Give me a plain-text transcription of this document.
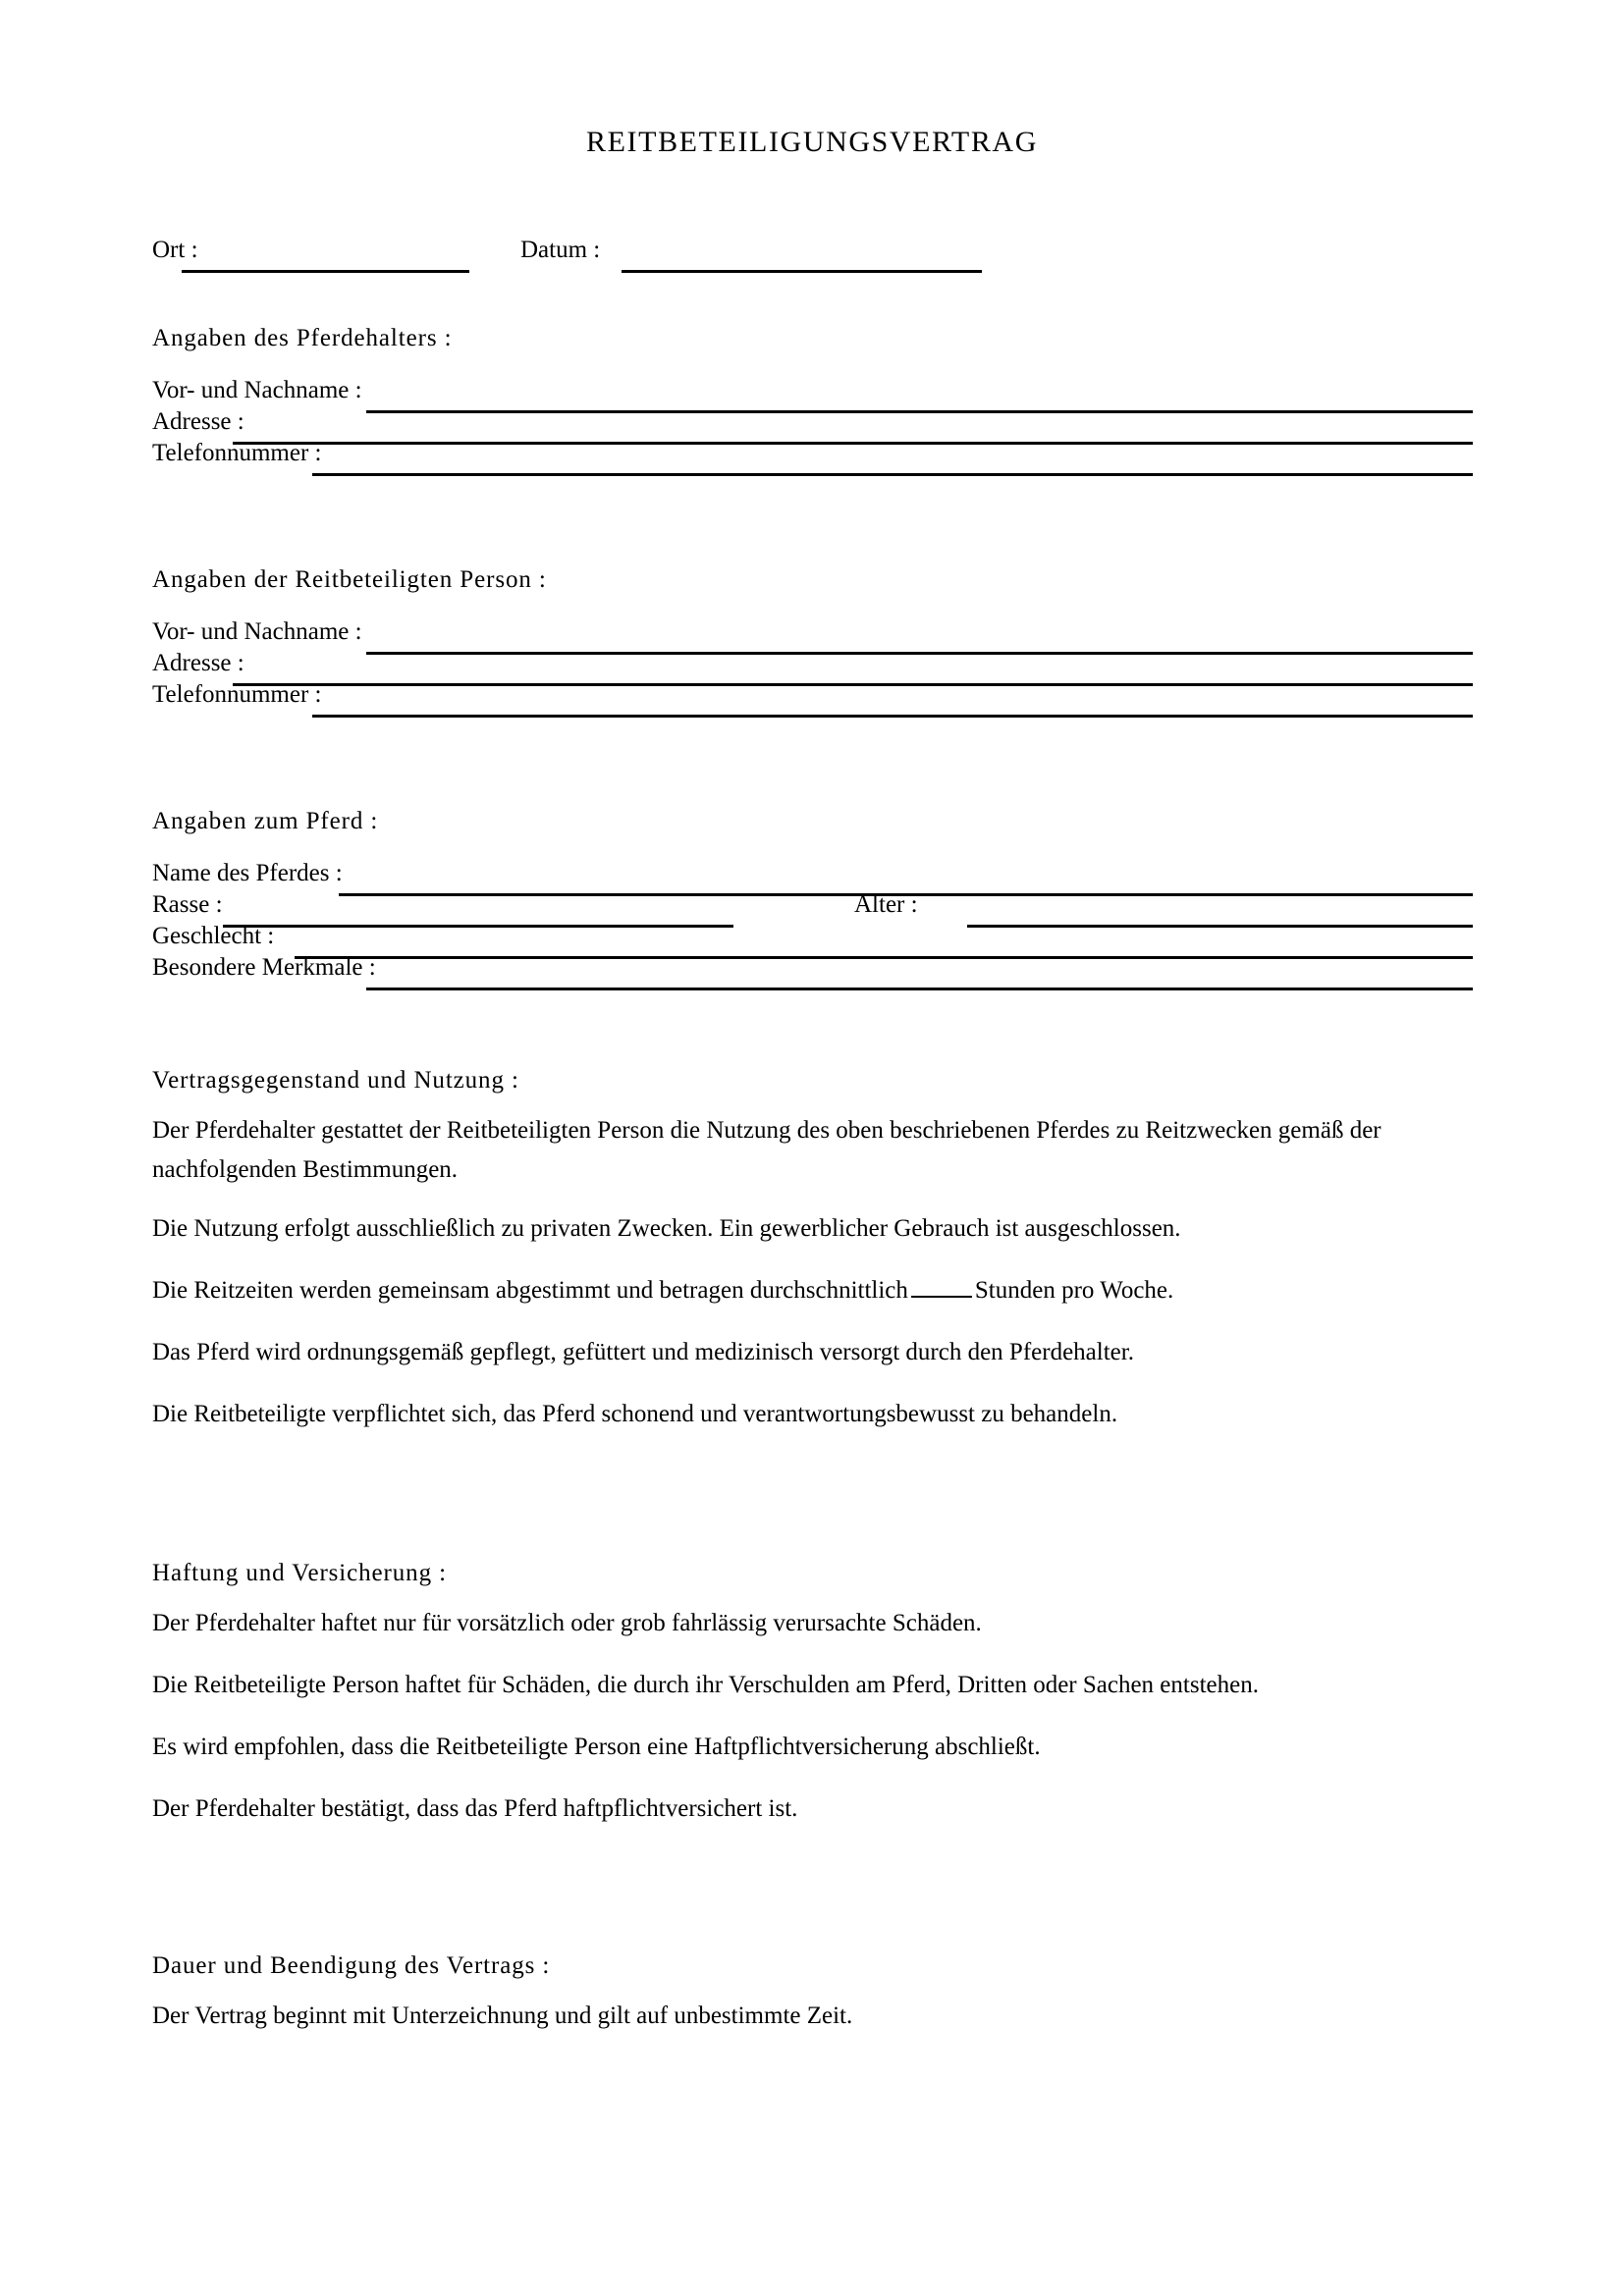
REITBETEILIGUNGSVERTRAG
Ort :	Datum :
Angaben des Pferdehalters :
Vor- und Nachname :
Adresse :
Telefonnummer :
Angaben der Reitbeteiligten Person :
Vor- und Nachname :
Adresse :
Telefonnummer :
Angaben zum Pferd :
Name des Pferdes :
Rasse :	Alter :
Geschlecht :
Besondere Merkmale :
Vertragsgegenstand und Nutzung :
Der Pferdehalter gestattet der Reitbeteiligten Person die Nutzung des oben beschriebenen Pferdes zu Reitzwecken gemäß der nachfolgenden Bestimmungen.
Die Nutzung erfolgt ausschließlich zu privaten Zwecken. Ein gewerblicher Gebrauch ist ausgeschlossen.
Die Reitzeiten werden gemeinsam abgestimmt und betragen durchschnittlich	Stunden pro Woche.
Das Pferd wird ordnungsgemäß gepflegt, gefüttert und medizinisch versorgt durch den Pferdehalter.
Die Reitbeteiligte verpflichtet sich, das Pferd schonend und verantwortungsbewusst zu behandeln.
Haftung und Versicherung :
Der Pferdehalter haftet nur für vorsätzlich oder grob fahrlässig verursachte Schäden.
Die Reitbeteiligte Person haftet für Schäden, die durch ihr Verschulden am Pferd, Dritten oder Sachen entstehen.
Es wird empfohlen, dass die Reitbeteiligte Person eine Haftpflichtversicherung abschließt.
Der Pferdehalter bestätigt, dass das Pferd haftpflichtversichert ist.
Dauer und Beendigung des Vertrags :
Der Vertrag beginnt mit Unterzeichnung und gilt auf unbestimmte Zeit.
